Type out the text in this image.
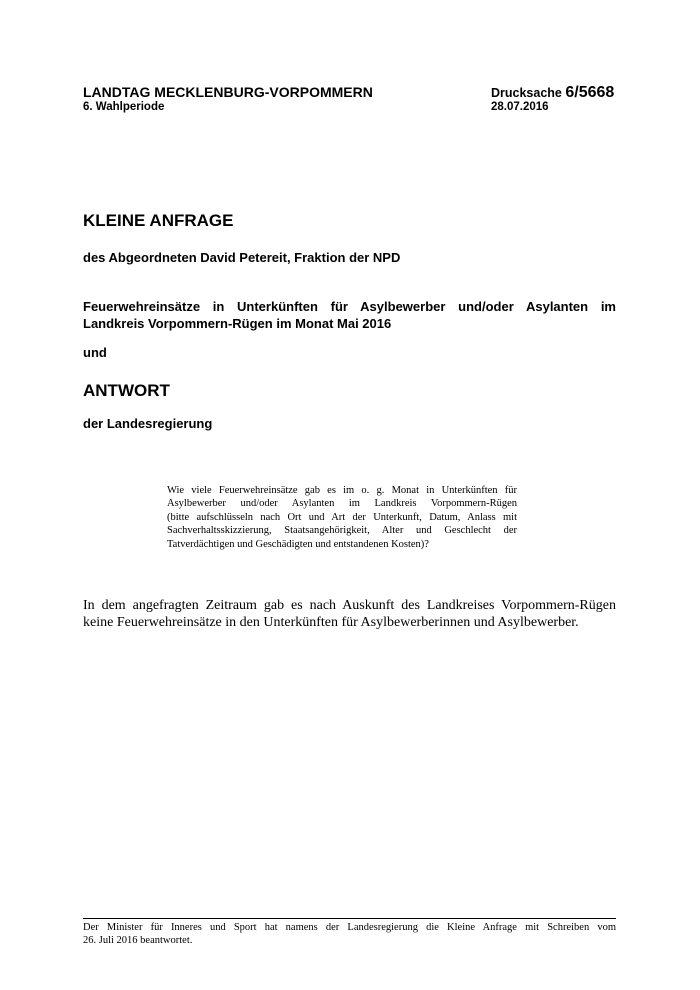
LANDTAG MECKLENBURG-VORPOMMERN
6. Wahlperiode
Drucksache 6/5668
28.07.2016
KLEINE ANFRAGE
des Abgeordneten David Petereit, Fraktion der NPD
Feuerwehreinsätze in Unterkünften für Asylbewerber und/oder Asylanten im
Landkreis Vorpommern-Rügen im Monat Mai 2016
und
ANTWORT
der Landesregierung
Wie viele Feuerwehreinsätze gab es im o. g. Monat in Unterkünften für
Asylbewerber und/oder Asylanten im Landkreis Vorpommern-Rügen
(bitte aufschlüsseln nach Ort und Art der Unterkunft, Datum, Anlass mit
Sachverhaltsskizzierung, Staatsangehörigkeit, Alter und Geschlecht der
Tatverdächtigen und Geschädigten und entstandenen Kosten)?
In dem angefragten Zeitraum gab es nach Auskunft des Landkreises Vorpommern-Rügen
keine Feuerwehreinsätze in den Unterkünften für Asylbewerberinnen und Asylbewerber.
Der Minister für Inneres und Sport hat namens der Landesregierung die Kleine Anfrage mit Schreiben vom
26. Juli 2016 beantwortet.
